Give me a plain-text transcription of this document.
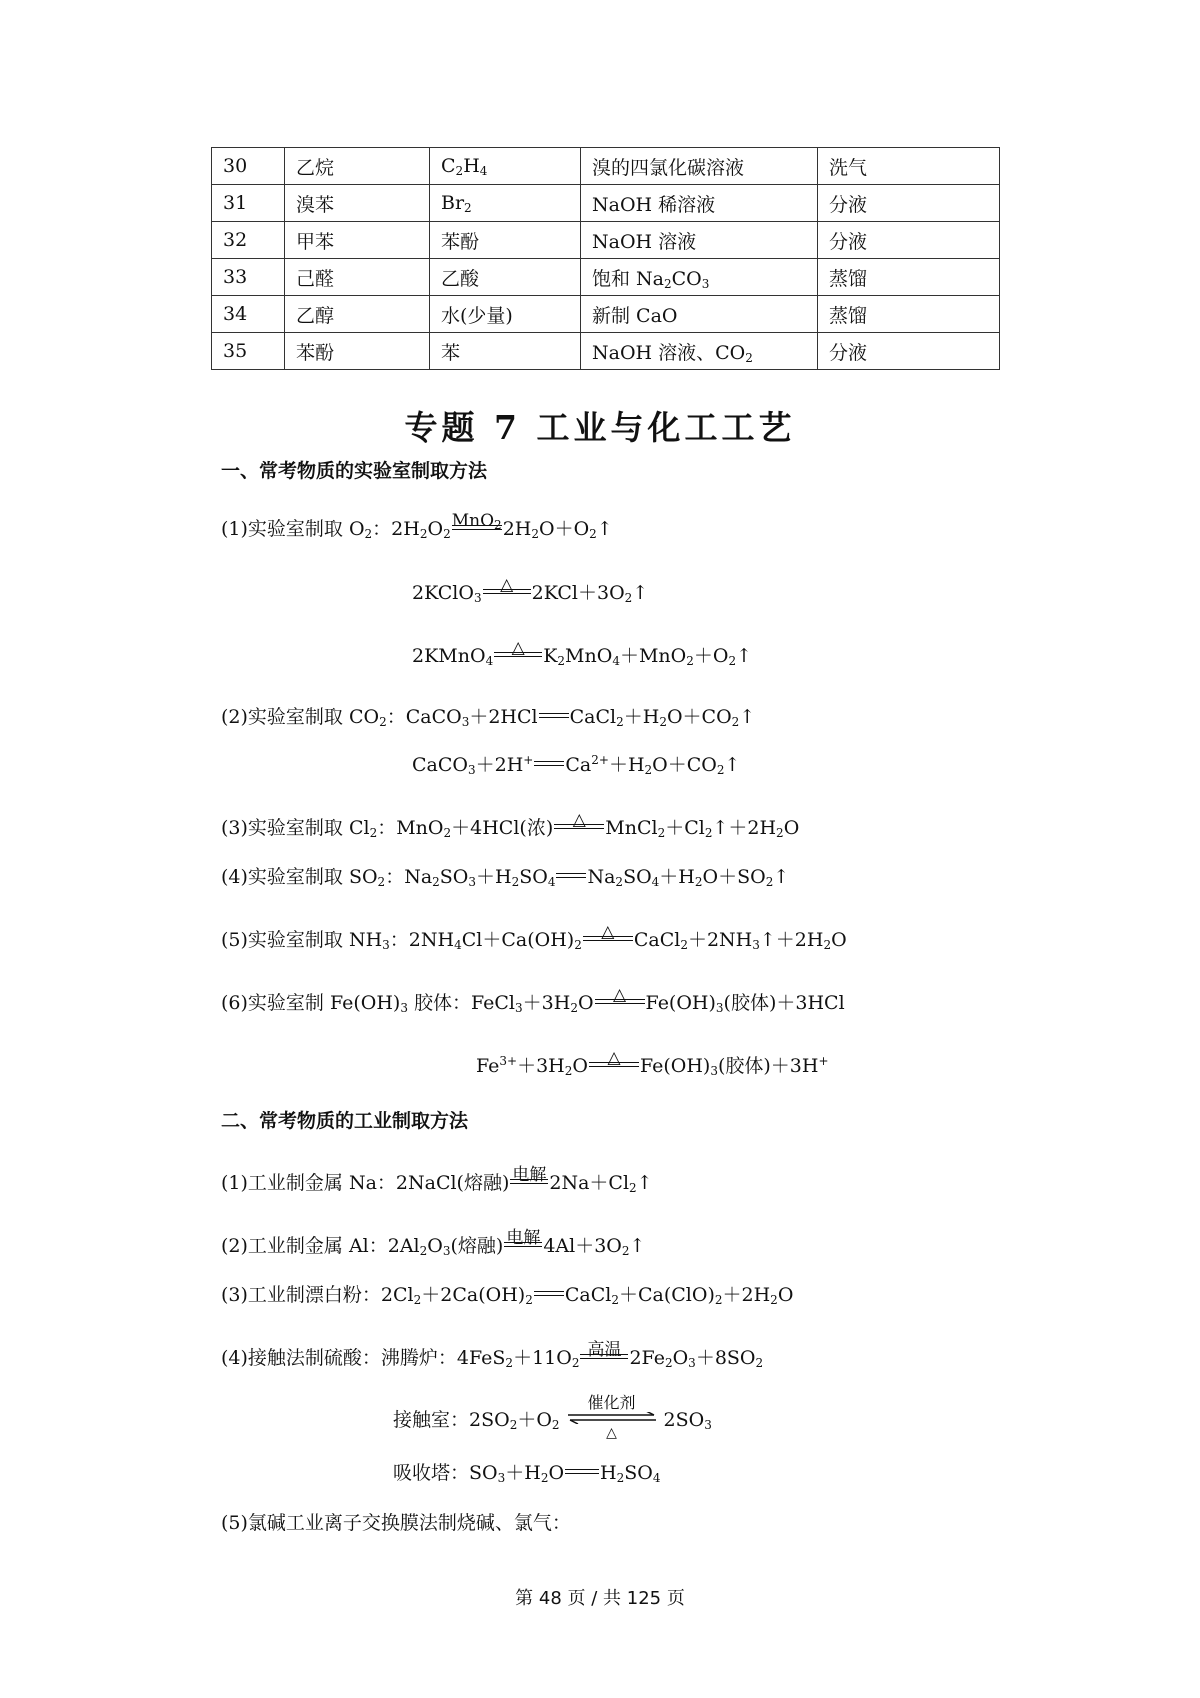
30	乙烷	$C_2H_4$	溴的四氯化碳溶液	洗气
31	溴苯	$Br_2$	NaOH 稀溶液	分液
32	甲苯	苯酚	NaOH 溶液	分液
33	己醛	乙酸	饱和 $Na_2CO_3$	蒸馏
34	乙醇	水(少量)	新制 CaO	蒸馏
35	苯酚	苯	NaOH 溶液、$CO_2$	分液
专题 7 工业与化工工艺
一、常考物质的实验室制取方法
(1)实验室制取 $O_2$：$2H_2O_2$
MnO$_2$ $2H_2O+O_2↑$
2KClO$_3$
△ $2KCl+3O_2↑$
2KMnO$_4$
△ $K_2MnO_4+MnO_2+O_2↑$
(2)实验室制取 $CO_2$：CaCO$_3$＋2HCl $CaCl_2+H_2O+CO_2↑$
CaCO$_3$＋2H+ $Ca^{2+}+H_2O+CO_2↑$
(3)实验室制取 $Cl_2$：MnO$_2$＋4HCl(浓)	△	$MnCl_2+Cl_2↑+2H_2O$
(4)实验室制取 $SO_2$：$Na_2SO_3+H_2SO_4$ $Na_2SO_4+H_2O+SO_2↑$
(5)实验室制取 $NH_3$：$2NH_4Cl+Ca(OH)_2$
△	$CaCl_2+2NH_3↑+2H_2O$
(6)实验室制 $Fe(OH)_3$ 胶体：$FeCl_3+3H_2O$	△	$Fe(OH)_3$(胶体)＋3HCl
$Fe^{3+}+3H_2O$	△	$Fe(OH)_3$(胶体)＋3H+
二、常考物质的工业制取方法
(1)工业制金属 Na：2NaCl(熔融) 电解 $2Na+Cl_2↑$
(2)工业制金属 Al：$2Al_2O_3$(熔融) 电解 $4Al+3O_2↑$
(3)工业制漂白粉：$2Cl_2+2Ca(OH)_2$ $CaCl_2+Ca(ClO)_2+2H_2O$
(4)接触法制硫酸：沸腾炉：$4FeS_2+11O_2$
高温 $2Fe_2O_3+8SO_2$
接触室：$2SO_2+O_2$
催化剂
△
$2SO_3$
吸收塔：$SO_3+H_2O$ $H_2SO_4$
(5)氯碱工业离子交换膜法制烧碱、氯气：
第 48 页 / 共 125 页
